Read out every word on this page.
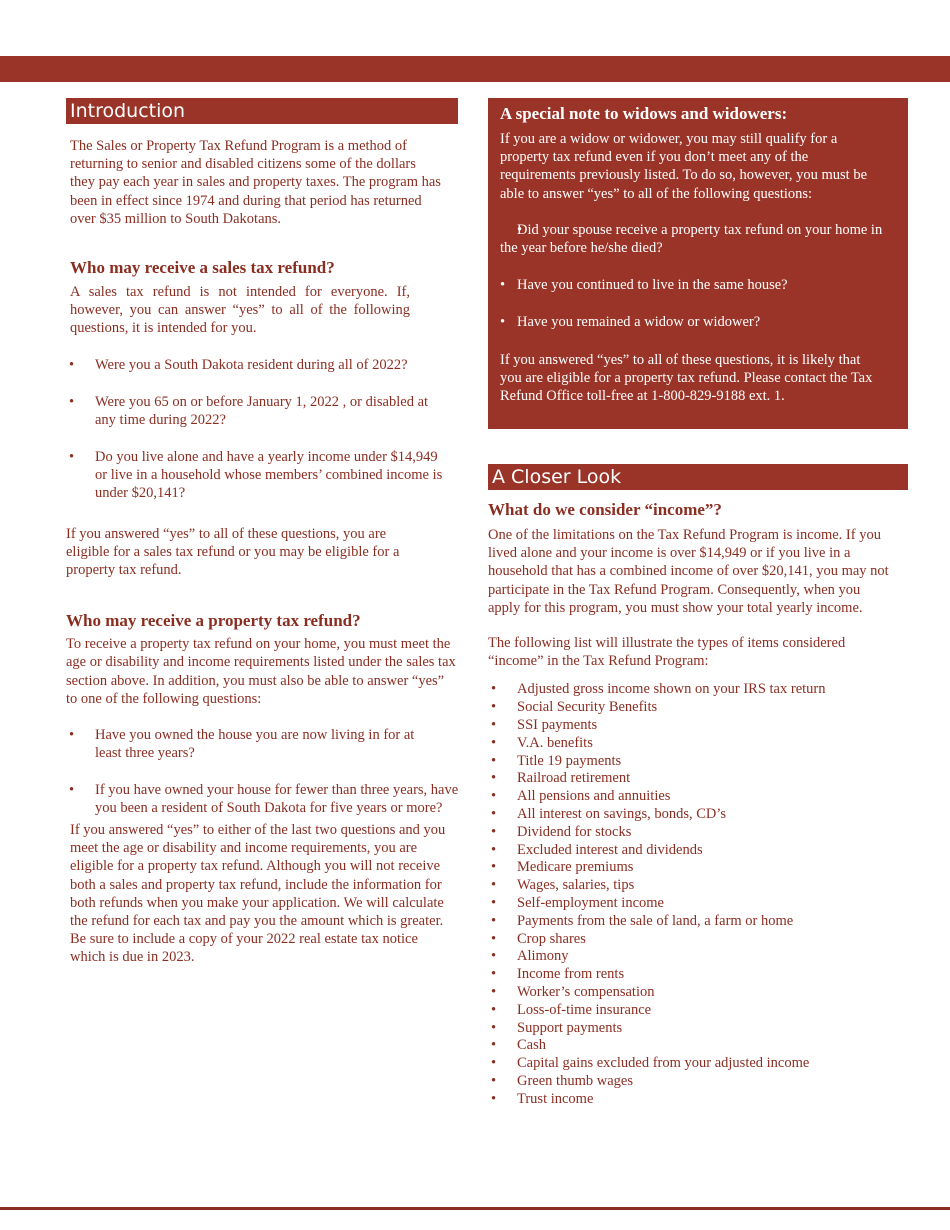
Introduction

The Sales or Property Tax Refund Program is a method of returning to senior and disabled citizens some of the dollars they pay each year in sales and property taxes. The program has been in effect since 1974 and during that period has returned over $35 million to South Dakotans.

Who may receive a sales tax refund?

A sales tax refund is not intended for everyone. If, however, you can answer “yes” to all of the following questions, it is intended for you.

• Were you a South Dakota resident during all of 2022?
• Were you 65 on or before January 1, 2022 , or disabled at any time during 2022?
• Do you live alone and have a yearly income under $14,949 or live in a household whose members’ combined income is under $20,141?

If you answered “yes” to all of these questions, you are eligible for a sales tax refund or you may be eligible for a property tax refund.

Who may receive a property tax refund?

To receive a property tax refund on your home, you must meet the age or disability and income requirements listed under the sales tax section above. In addition, you must also be able to answer “yes” to one of the following questions:

• Have you owned the house you are now living in for at least three years?
• If you have owned your house for fewer than three years, have you been a resident of South Dakota for five years or more?

If you answered “yes” to either of the last two questions and you meet the age or disability and income requirements, you are eligible for a property tax refund. Although you will not receive both a sales and property tax refund, include the information for both refunds when you make your application. We will calculate the refund for each tax and pay you the amount which is greater. Be sure to include a copy of your 2022 real estate tax notice which is due in 2023.

A special note to widows and widowers:

If you are a widow or widower, you may still qualify for a property tax refund even if you don’t meet any of the requirements previously listed. To do so, however, you must be able to answer “yes” to all of the following questions:

• Did your spouse receive a property tax refund on your home in the year before he/she died?

• Have you continued to live in the same house?

• Have you remained a widow or widower?

If you answered “yes” to all of these questions, it is likely that you are eligible for a property tax refund. Please contact the Tax Refund Office toll-free at 1-800-829-9188 ext. 1.

A Closer Look
What do we consider “income”?

One of the limitations on the Tax Refund Program is income. If you lived alone and your income is over $14,949 or if you live in a household that has a combined income of over $20,141, you may not participate in the Tax Refund Program. Consequently, when you apply for this program, you must show your total yearly income.

The following list will illustrate the types of items considered “income” in the Tax Refund Program:

• Adjusted gross income shown on your IRS tax return
• Social Security Benefits
• SSI payments
• V.A. benefits
• Title 19 payments
• Railroad retirement
• All pensions and annuities
• All interest on savings, bonds, CD’s
• Dividend for stocks
• Excluded interest and dividends
• Medicare premiums
• Wages, salaries, tips
• Self-employment income
• Payments from the sale of land, a farm or home
• Crop shares
• Alimony
• Income from rents
• Worker’s compensation
• Loss-of-time insurance
• Support payments
• Cash
• Capital gains excluded from your adjusted income
• Green thumb wages
• Trust income
